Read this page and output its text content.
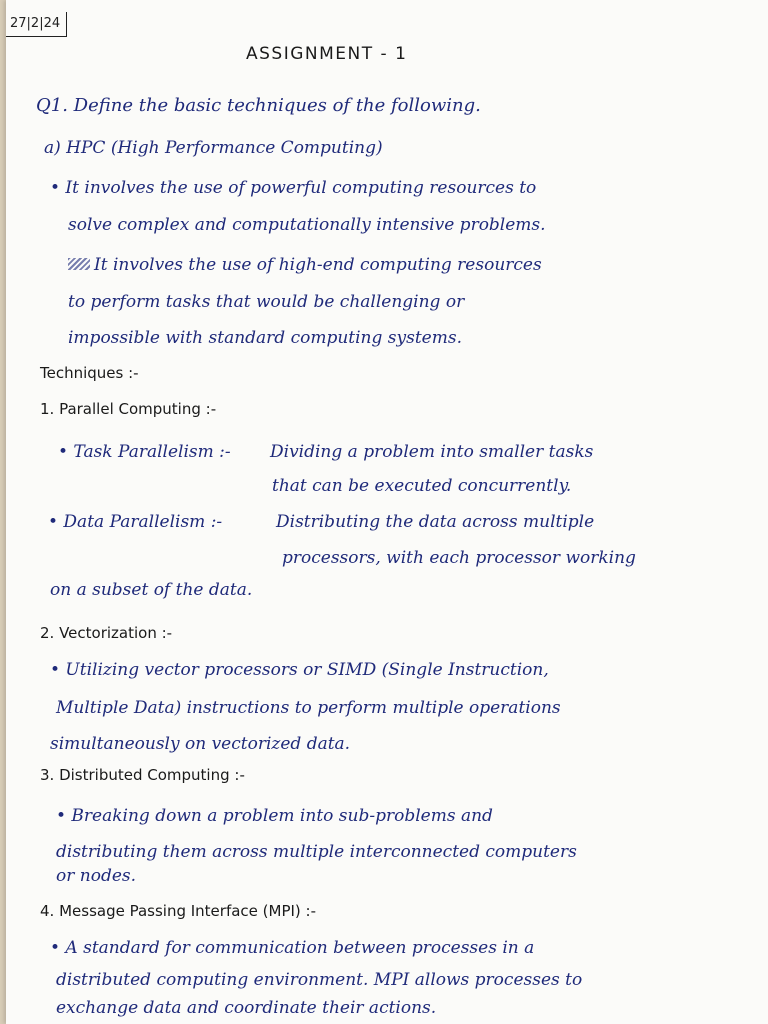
27|2|24
ASSIGNMENT - 1
Q1. Define the basic techniques of the following.
a) HPC (High Performance Computing)
• It involves the use of powerful computing resources to
solve complex and computationally intensive problems.
It involves the use of high-end computing resources
to perform tasks that would be challenging or
impossible with standard computing systems.
Techniques :-
1. Parallel Computing :-
• Task Parallelism :- Dividing a problem into smaller tasks
that can be executed concurrently.
• Data Parallelism :-	Distributing the data across multiple
processors, with each processor working
on a subset of the data.
2. Vectorization :-
• Utilizing vector processors or SIMD (Single Instruction,
Multiple Data) instructions to perform multiple operations
simultaneously on vectorized data.
3. Distributed Computing :-
• Breaking down a problem into sub-problems and
distributing them across multiple interconnected computers
or nodes.
4. Message Passing Interface (MPI) :-
• A standard for communication between processes in a
distributed computing environment. MPI allows processes to
exchange data and coordinate their actions.
